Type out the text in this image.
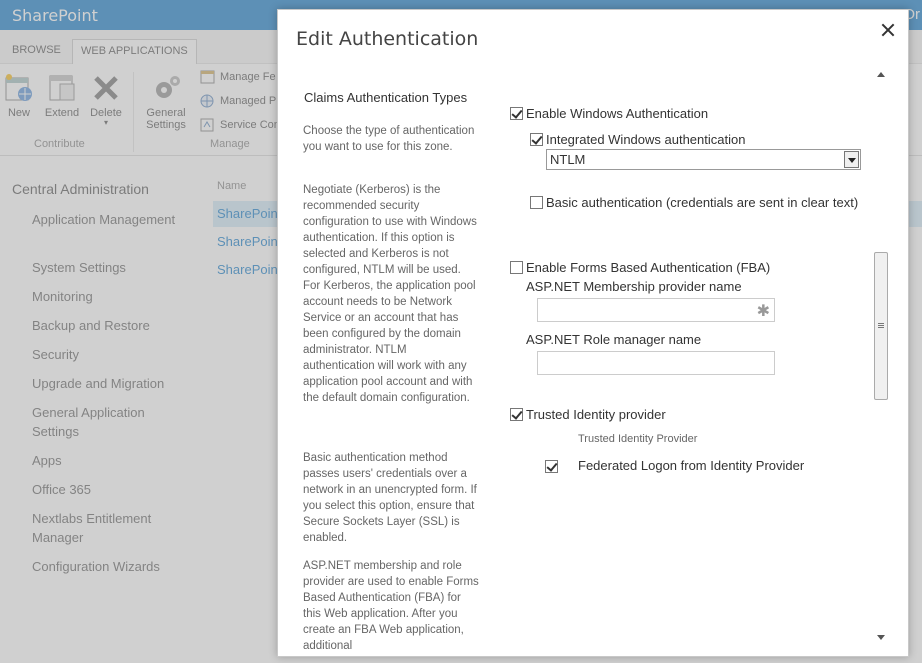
Edit Authentication
Claims Authentication Types
Choose the type of authentication you want to use for this zone.
Negotiate (Kerberos) is the recommended security configuration to use with Windows authentication. If this option is selected and Kerberos is not configured, NTLM will be used. For Kerberos, the application pool account needs to be Network Service or an account that has been configured by the domain administrator. NTLM authentication will work with any application pool account and with the default domain configuration.
Basic authentication method passes users' credentials over a network in an unencrypted form. If you select this option, ensure that Secure Sockets Layer (SSL) is enabled.
ASP.NET membership and role provider are used to enable Forms Based Authentication (FBA) for this Web application. After you create an FBA Web application, additional
Enable Windows Authentication
Integrated Windows authentication
NTLM
Basic authentication (credentials are sent in clear text)
Enable Forms Based Authentication (FBA)
ASP.NET Membership provider name
✱
ASP.NET Role manager name
Trusted Identity provider
Trusted Identity Provider
Federated Logon from Identity Provider
